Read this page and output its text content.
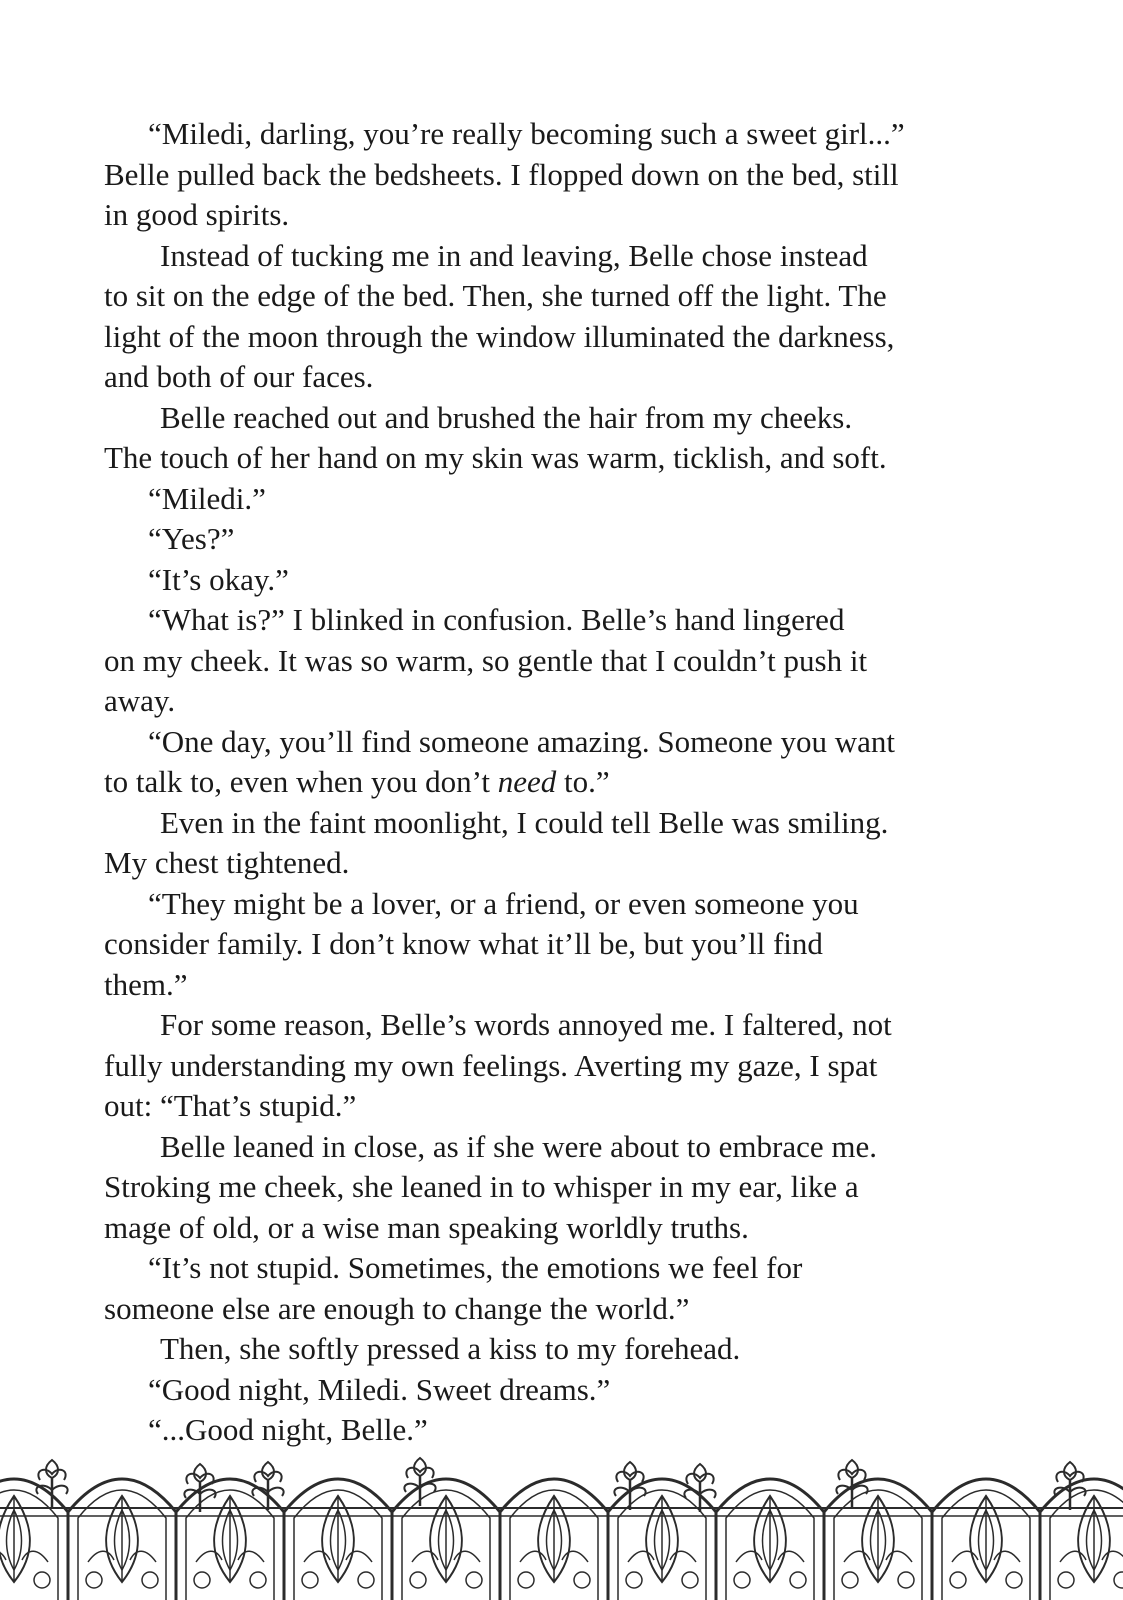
“Miledi, darling, you’re really becoming such a sweet girl...”
Belle pulled back the bedsheets. I flopped down on the bed, still
in good spirits.

Instead of tucking me in and leaving, Belle chose instead
to sit on the edge of the bed. Then, she turned off the light. The
light of the moon through the window illuminated the darkness,
and both of our faces.

Belle reached out and brushed the hair from my cheeks.
The touch of her hand on my skin was warm, ticklish, and soft.

“Miledi.”

“Yes?”

“It’s okay.”

“What is?” I blinked in confusion. Belle’s hand lingered
on my cheek. It was so warm, so gentle that I couldn’t push it
away.

“One day, you’ll find someone amazing. Someone you want
to talk to, even when you don’t need to.”

Even in the faint moonlight, I could tell Belle was smiling.
My chest tightened.

“They might be a lover, or a friend, or even someone you
consider family. I don’t know what it’ll be, but you’ll find
them.”

For some reason, Belle’s words annoyed me. I faltered, not
fully understanding my own feelings. Averting my gaze, I spat
out: “That’s stupid.”

Belle leaned in close, as if she were about to embrace me.
Stroking me cheek, she leaned in to whisper in my ear, like a
mage of old, or a wise man speaking worldly truths.

“It’s not stupid. Sometimes, the emotions we feel for
someone else are enough to change the world.”

Then, she softly pressed a kiss to my forehead.

“Good night, Miledi. Sweet dreams.”

“...Good night, Belle.”
